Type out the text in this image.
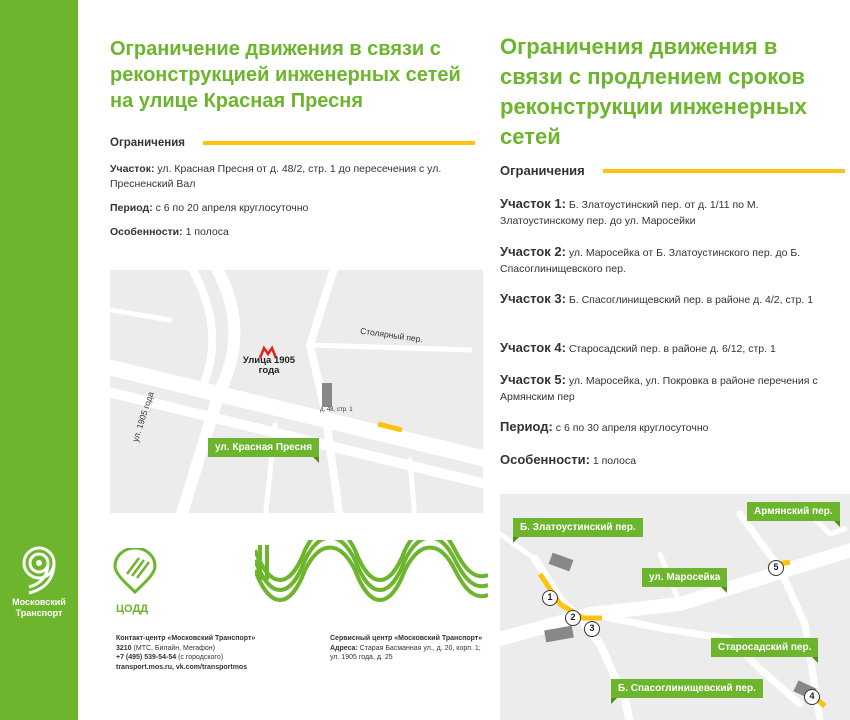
Московский Транспорт
Ограничение движения в связи с реконструкцией инженерных сетей на улице Красная Пресня
Ограничения
Участок: ул. Красная Пресня от д. 48/2, стр. 1 до пересечения с ул. Пресненский Вал
Период: с 6 по 20 апреля круглосуточно
Особенности: 1 полоса
Улица 1905 года
Столярный пер.
ул. 1905 года	д. 48, стр. 1
ул. Красная Пресня
ЦОДД
Контакт-центр «Московский Транспорт»
3210 (МТС, Билайн, Мегафон)
+7 (495) 539-54-54 (с городского)
transport.mos.ru, vk.com/transportmos
Сервисный центр «Московский Транспорт»
Адреса: Старая Басманная ул., д. 20, корп. 1; ул. 1905 года, д. 25
Ограничения движения в связи с продлением сроков реконструкции инженерных сетей
Ограничения
Участок 1: Б. Златоустинский пер. от д. 1/11 по М. Златоустинскому пер. до ул. Маросейки
Участок 2: ул. Маросейка от Б. Златоустинского пер. до Б. Спасоглинищевского пер.
Участок 3: Б. Спасоглинищевский пер. в районе д. 4/2, стр. 1
Участок 4: Старосадский пер. в районе д. 6/12, стр. 1
Участок 5: ул. Маросейка, ул. Покровка в районе перечения с Армянским пер
Период: с 6 по 30 апреля круглосуточно
Особенности: 1 полоса
Б. Златоустинский пер.
Армянский пер.
ул. Маросейка
Старосадский пер.
Б. Спасоглинищевский пер.
1
2
3
4
5
